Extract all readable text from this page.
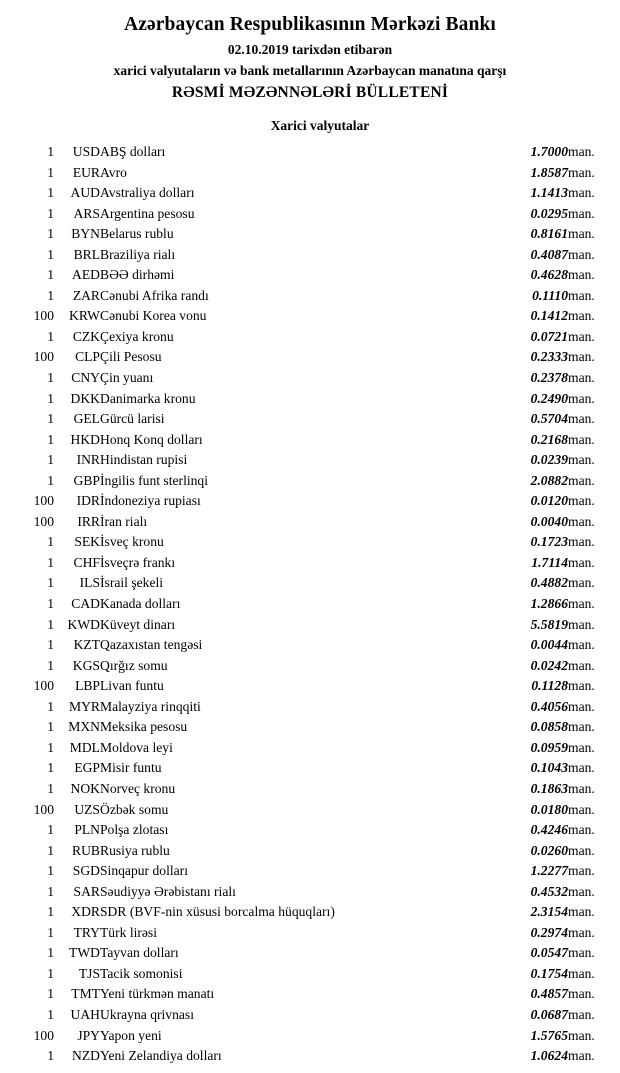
Azərbaycan Respublikasının Mərkəzi Bankı
02.10.2019 tarixdən etibarən
xarici valyutaların və bank metallarının Azərbaycan manatına qarşı
RƏSMİ MƏZƏNNƏLƏRİ BÜLLETENİ
Xarici valyutalar
1	USD	ABŞ dolları	1.7000	man.
1	EUR	Avro	1.8587	man.
1	AUD	Avstraliya dolları	1.1413	man.
1	ARS	Argentina pesosu	0.0295	man.
1	BYN	Belarus rublu	0.8161	man.
1	BRL	Braziliya rialı	0.4087	man.
1	AED	BƏƏ dirhəmi	0.4628	man.
1	ZAR	Cənubi Afrika randı	0.1110	man.
100	KRW	Cənubi Korea vonu	0.1412	man.
1	CZK	Çexiya kronu	0.0721	man.
100	CLP	Çili Pesosu	0.2333	man.
1	CNY	Çin yuanı	0.2378	man.
1	DKK	Danimarka kronu	0.2490	man.
1	GEL	Gürcü larisi	0.5704	man.
1	HKD	Honq Konq dolları	0.2168	man.
1	INR	Hindistan rupisi	0.0239	man.
1	GBP	İngilis funt sterlinqi	2.0882	man.
100	IDR	İndoneziya rupiası	0.0120	man.
100	IRR	İran rialı	0.0040	man.
1	SEK	İsveç kronu	0.1723	man.
1	CHF	İsveçrə frankı	1.7114	man.
1	ILS	İsrail şekeli	0.4882	man.
1	CAD	Kanada dolları	1.2866	man.
1	KWD	Küveyt dinarı	5.5819	man.
1	KZT	Qazaxıstan tengəsi	0.0044	man.
1	KGS	Qırğız somu	0.0242	man.
100	LBP	Livan funtu	0.1128	man.
1	MYR	Malayziya rinqqiti	0.4056	man.
1	MXN	Meksika pesosu	0.0858	man.
1	MDL	Moldova leyi	0.0959	man.
1	EGP	Misir funtu	0.1043	man.
1	NOK	Norveç kronu	0.1863	man.
100	UZS	Özbək somu	0.0180	man.
1	PLN	Polşa zlotası	0.4246	man.
1	RUB	Rusiya rublu	0.0260	man.
1	SGD	Sinqapur dolları	1.2277	man.
1	SAR	Səudiyyə Ərəbistanı rialı	0.4532	man.
1	XDR	SDR (BVF-nin xüsusi borcalma hüquqları)	2.3154	man.
1	TRY	Türk lirəsi	0.2974	man.
1	TWD	Tayvan dolları	0.0547	man.
1	TJS	Tacik somonisi	0.1754	man.
1	TMT	Yeni türkmən manatı	0.4857	man.
1	UAH	Ukrayna qrivnası	0.0687	man.
100	JPY	Yapon yeni	1.5765	man.
1	NZD	Yeni Zelandiya dolları	1.0624	man.
